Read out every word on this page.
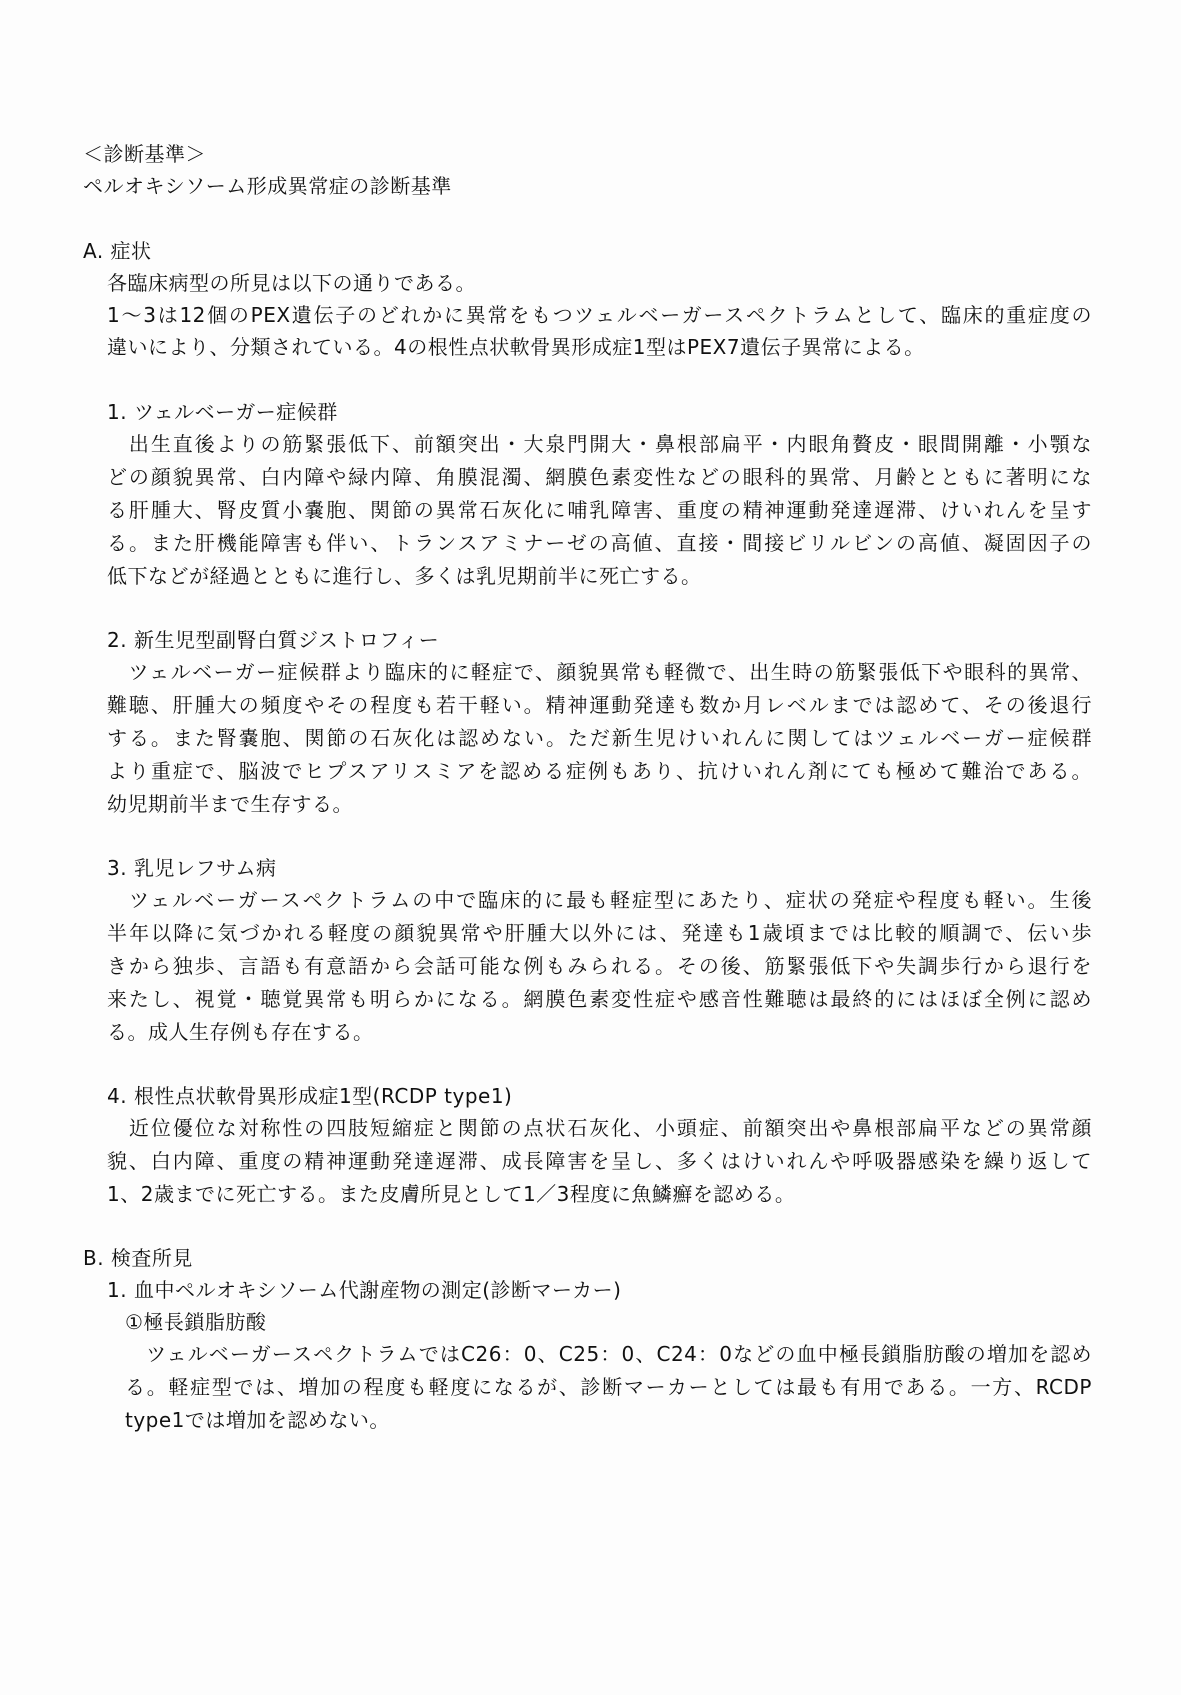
＜診断基準＞
ペルオキシソーム形成異常症の診断基準
A. 症状
各臨床病型の所見は以下の通りである。
1～3は12個のPEX遺伝子のどれかに異常をもつツェルベーガースペクトラムとして、臨床的重症度の
違いにより、分類されている。4の根性点状軟骨異形成症1型はPEX7遺伝子異常による。
1. ツェルベーガー症候群
　出生直後よりの筋緊張低下、前額突出・大泉門開大・鼻根部扁平・内眼角贅皮・眼間開離・小顎な
どの顔貌異常、白内障や緑内障、角膜混濁、網膜色素変性などの眼科的異常、月齢とともに著明にな
る肝腫大、腎皮質小嚢胞、関節の異常石灰化に哺乳障害、重度の精神運動発達遅滞、けいれんを呈す
る。また肝機能障害も伴い、トランスアミナーゼの高値、直接・間接ビリルビンの高値、凝固因子の
低下などが経過とともに進行し、多くは乳児期前半に死亡する。
2. 新生児型副腎白質ジストロフィー
　ツェルベーガー症候群より臨床的に軽症で、顔貌異常も軽微で、出生時の筋緊張低下や眼科的異常、
難聴、肝腫大の頻度やその程度も若干軽い。精神運動発達も数か月レベルまでは認めて、その後退行
する。また腎嚢胞、関節の石灰化は認めない。ただ新生児けいれんに関してはツェルベーガー症候群
より重症で、脳波でヒプスアリスミアを認める症例もあり、抗けいれん剤にても極めて難治である。
幼児期前半まで生存する。
3. 乳児レフサム病
　ツェルベーガースペクトラムの中で臨床的に最も軽症型にあたり、症状の発症や程度も軽い。生後
半年以降に気づかれる軽度の顔貌異常や肝腫大以外には、発達も1歳頃までは比較的順調で、伝い歩
きから独歩、言語も有意語から会話可能な例もみられる。その後、筋緊張低下や失調歩行から退行を
来たし、視覚・聴覚異常も明らかになる。網膜色素変性症や感音性難聴は最終的にはほぼ全例に認め
る。成人生存例も存在する。
4. 根性点状軟骨異形成症1型(RCDP type1)
　近位優位な対称性の四肢短縮症と関節の点状石灰化、小頭症、前額突出や鼻根部扁平などの異常顔
貌、白内障、重度の精神運動発達遅滞、成長障害を呈し、多くはけいれんや呼吸器感染を繰り返して
1、2歳までに死亡する。また皮膚所見として1／3程度に魚鱗癬を認める。
B. 検査所見
1. 血中ペルオキシソーム代謝産物の測定(診断マーカー)
①極長鎖脂肪酸
　ツェルベーガースペクトラムではC26：0、C25：0、C24：0などの血中極長鎖脂肪酸の増加を認め
る。軽症型では、増加の程度も軽度になるが、診断マーカーとしては最も有用である。一方、RCDP
type1では増加を認めない。
